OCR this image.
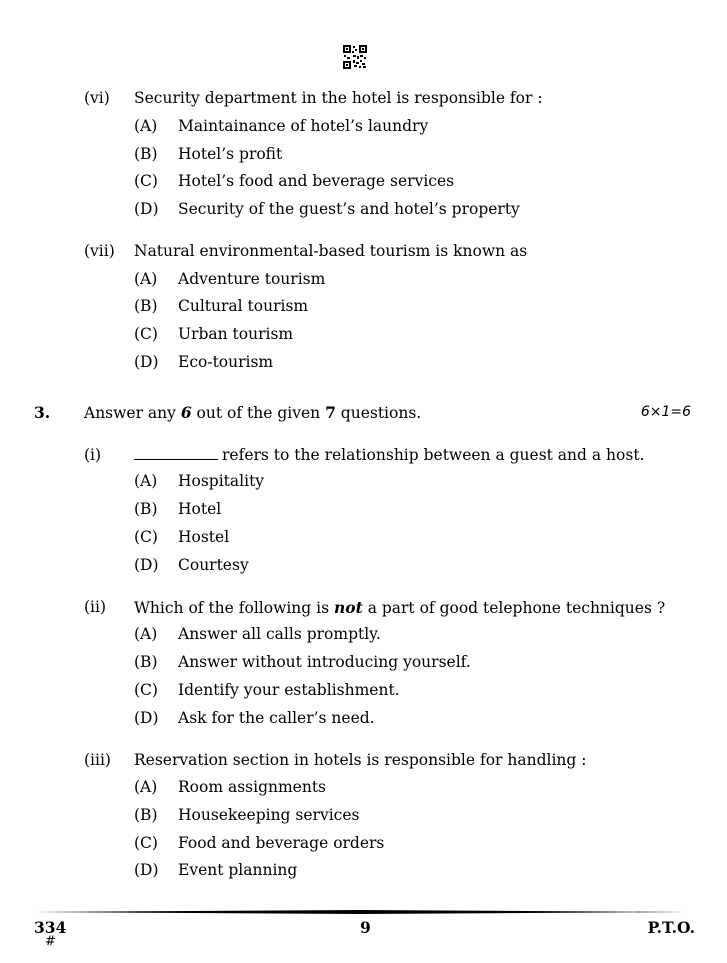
(vi) Security department in the hotel is responsible for :
(A) Maintainance of hotel’s laundry
(B) Hotel’s profit
(C) Hotel’s food and beverage services
(D) Security of the guest’s and hotel’s property
(vii) Natural environmental-based tourism is known as
(A) Adventure tourism
(B) Cultural tourism
(C) Urban tourism
(D) Eco-tourism
3. Answer any 6 out of the given 7 questions.	6×1=6
(i)	refers to the relationship between a guest and a host.
(A) Hospitality
(B) Hotel
(C) Hostel
(D) Courtesy
(ii) Which of the following is not a part of good telephone techniques ?
(A) Answer all calls promptly.
(B) Answer without introducing yourself.
(C) Identify your establishment.
(D) Ask for the caller’s need.
(iii) Reservation section in hotels is responsible for handling :
(A) Room assignments
(B) Housekeeping services
(C) Food and beverage orders
(D) Event planning
334
#
9	P.T.O.
